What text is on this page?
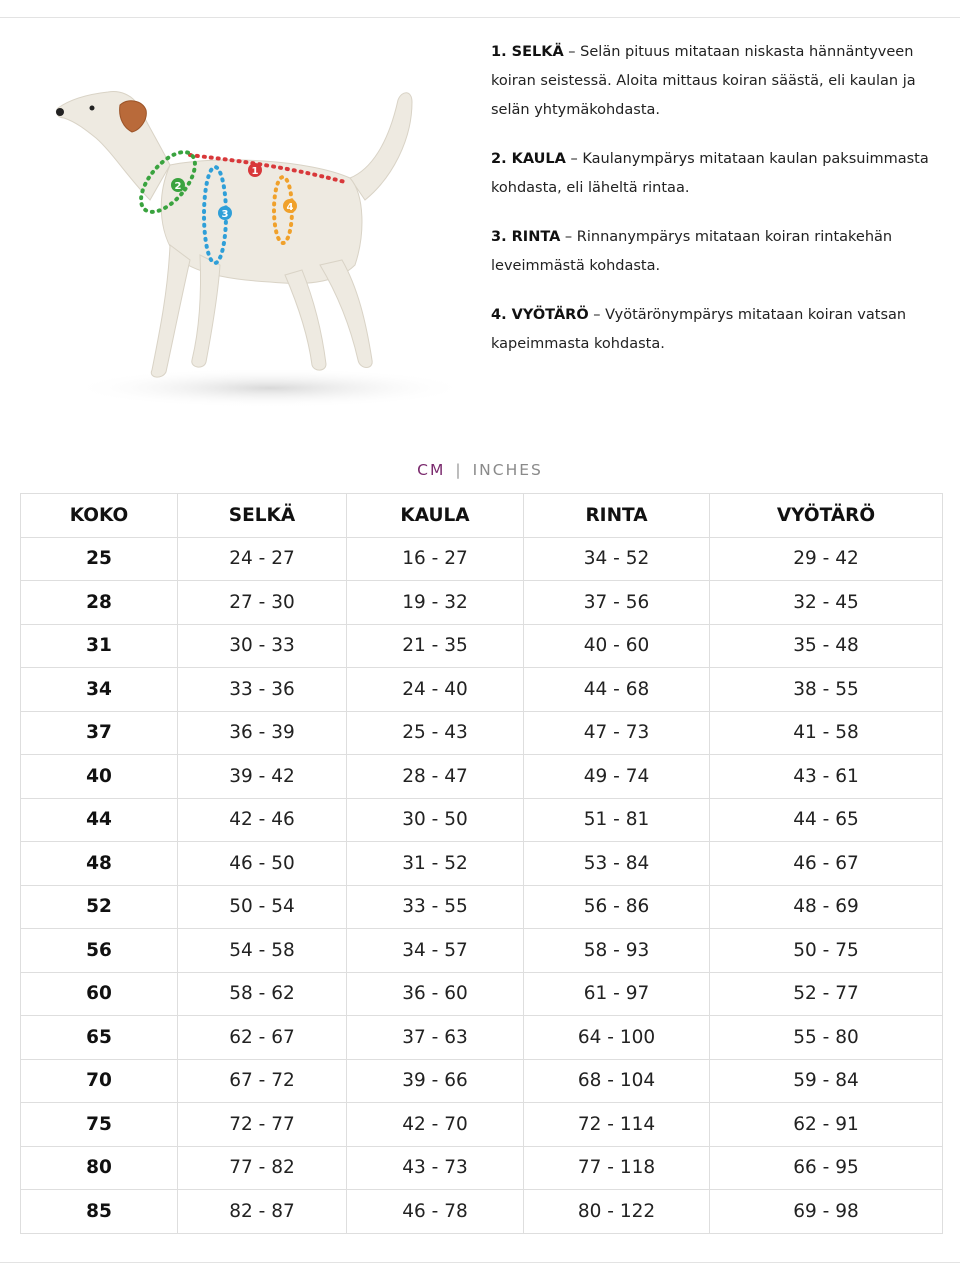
1
2
3
4

1. SELKÄ – Selän pituus mitataan niskasta hännäntyveen koiran seistessä. Aloita mittaus koiran säästä, eli kaulan ja selän yhtymäkohdasta.

2. KAULA – Kaulanympärys mitataan kaulan paksuimmasta kohdasta, eli läheltä rintaa.

3. RINTA – Rinnanympärys mitataan koiran rintakehän leveimmästä kohdasta.

4. VYÖTÄRÖ – Vyötärönympärys mitataan koiran vatsan kapeimmasta kohdasta.

CM | INCHES
KOKO	SELKÄ	KAULA	RINTA	VYÖTÄRÖ
25	24 - 27	16 - 27	34 - 52	29 - 42
28	27 - 30	19 - 32	37 - 56	32 - 45
31	30 - 33	21 - 35	40 - 60	35 - 48
34	33 - 36	24 - 40	44 - 68	38 - 55
37	36 - 39	25 - 43	47 - 73	41 - 58
40	39 - 42	28 - 47	49 - 74	43 - 61
44	42 - 46	30 - 50	51 - 81	44 - 65
48	46 - 50	31 - 52	53 - 84	46 - 67
52	50 - 54	33 - 55	56 - 86	48 - 69
56	54 - 58	34 - 57	58 - 93	50 - 75
60	58 - 62	36 - 60	61 - 97	52 - 77
65	62 - 67	37 - 63	64 - 100	55 - 80
70	67 - 72	39 - 66	68 - 104	59 - 84
75	72 - 77	42 - 70	72 - 114	62 - 91
80	77 - 82	43 - 73	77 - 118	66 - 95
85	82 - 87	46 - 78	80 - 122	69 - 98
